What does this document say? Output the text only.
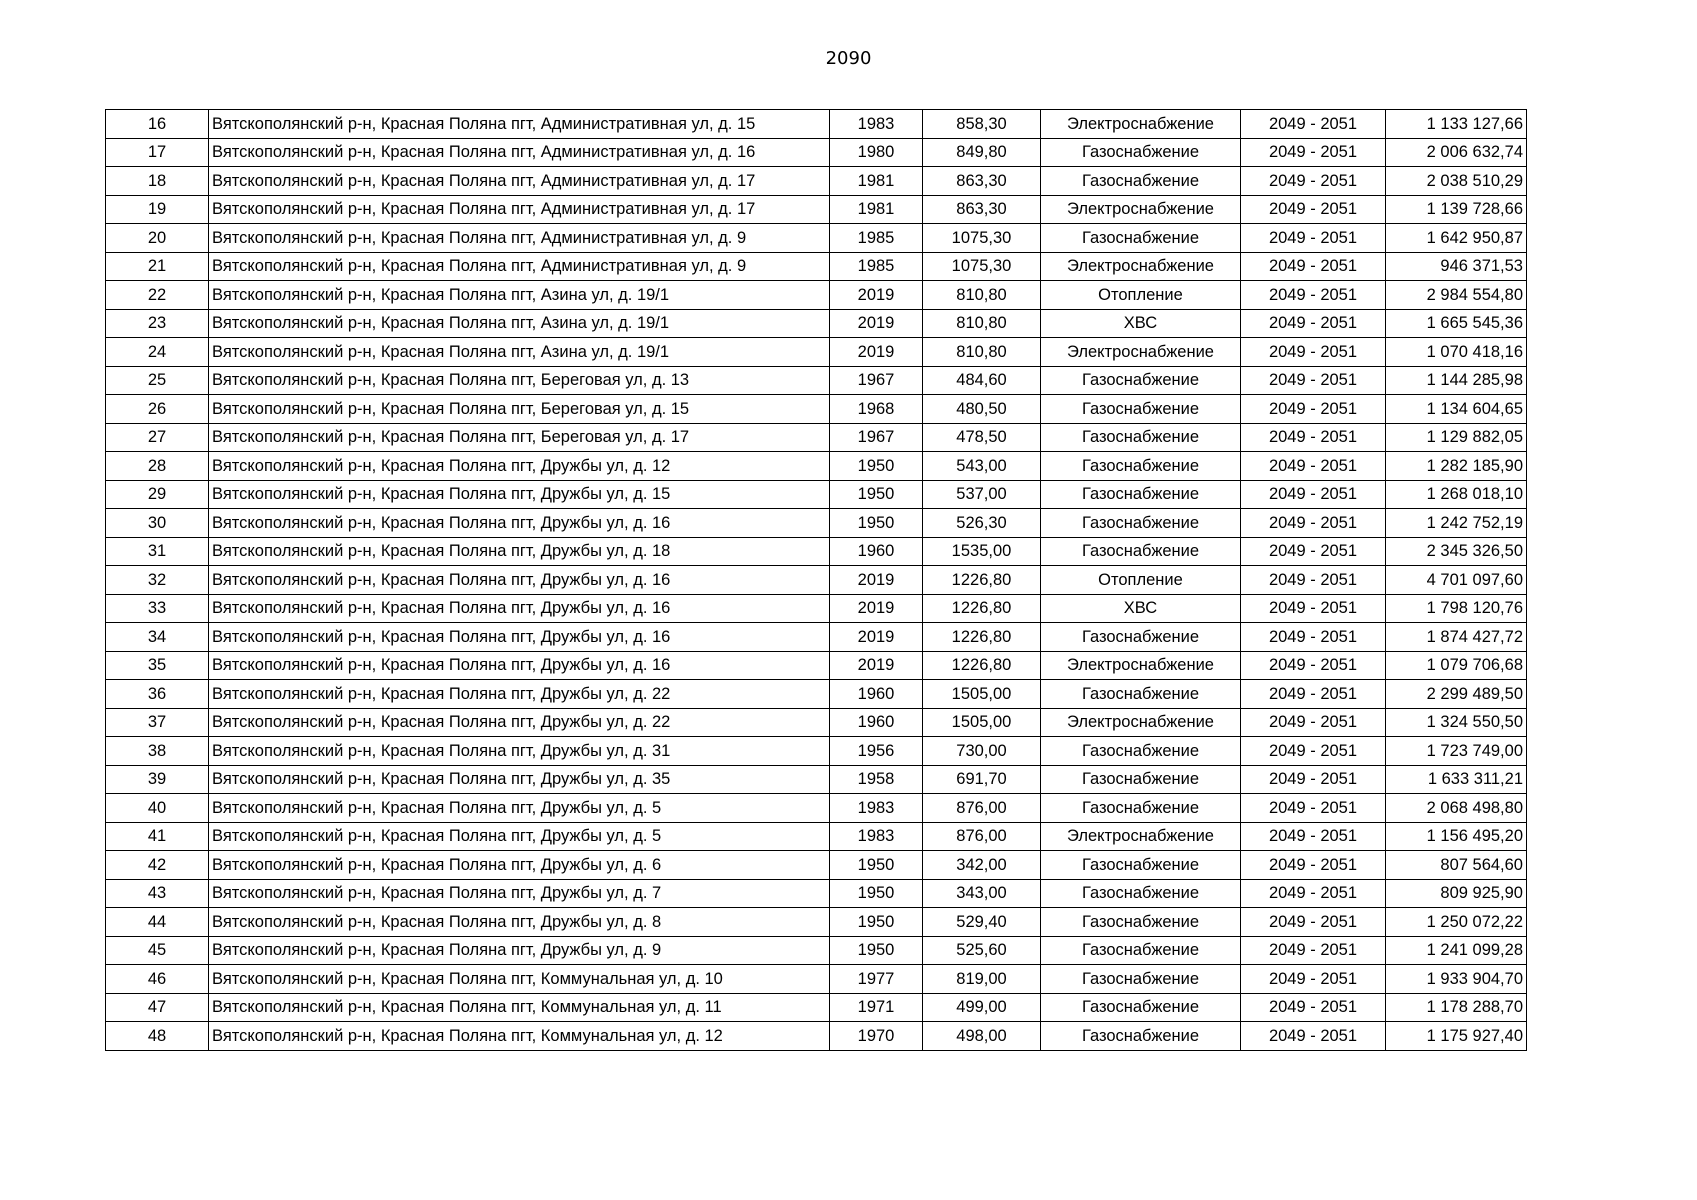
2090
16	Вятскополянский р-н, Красная Поляна пгт, Административная ул, д. 15	1983	858,30	Электроснабжение	2049 - 2051	1 133 127,66
17	Вятскополянский р-н, Красная Поляна пгт, Административная ул, д. 16	1980	849,80	Газоснабжение	2049 - 2051	2 006 632,74
18	Вятскополянский р-н, Красная Поляна пгт, Административная ул, д. 17	1981	863,30	Газоснабжение	2049 - 2051	2 038 510,29
19	Вятскополянский р-н, Красная Поляна пгт, Административная ул, д. 17	1981	863,30	Электроснабжение	2049 - 2051	1 139 728,66
20	Вятскополянский р-н, Красная Поляна пгт, Административная ул, д. 9	1985	1075,30	Газоснабжение	2049 - 2051	1 642 950,87
21	Вятскополянский р-н, Красная Поляна пгт, Административная ул, д. 9	1985	1075,30	Электроснабжение	2049 - 2051	946 371,53
22	Вятскополянский р-н, Красная Поляна пгт, Азина ул, д. 19/1	2019	810,80	Отопление	2049 - 2051	2 984 554,80
23	Вятскополянский р-н, Красная Поляна пгт, Азина ул, д. 19/1	2019	810,80	ХВС	2049 - 2051	1 665 545,36
24	Вятскополянский р-н, Красная Поляна пгт, Азина ул, д. 19/1	2019	810,80	Электроснабжение	2049 - 2051	1 070 418,16
25	Вятскополянский р-н, Красная Поляна пгт, Береговая ул, д. 13	1967	484,60	Газоснабжение	2049 - 2051	1 144 285,98
26	Вятскополянский р-н, Красная Поляна пгт, Береговая ул, д. 15	1968	480,50	Газоснабжение	2049 - 2051	1 134 604,65
27	Вятскополянский р-н, Красная Поляна пгт, Береговая ул, д. 17	1967	478,50	Газоснабжение	2049 - 2051	1 129 882,05
28	Вятскополянский р-н, Красная Поляна пгт, Дружбы ул, д. 12	1950	543,00	Газоснабжение	2049 - 2051	1 282 185,90
29	Вятскополянский р-н, Красная Поляна пгт, Дружбы ул, д. 15	1950	537,00	Газоснабжение	2049 - 2051	1 268 018,10
30	Вятскополянский р-н, Красная Поляна пгт, Дружбы ул, д. 16	1950	526,30	Газоснабжение	2049 - 2051	1 242 752,19
31	Вятскополянский р-н, Красная Поляна пгт, Дружбы ул, д. 18	1960	1535,00	Газоснабжение	2049 - 2051	2 345 326,50
32	Вятскополянский р-н, Красная Поляна пгт, Дружбы ул, д. 16	2019	1226,80	Отопление	2049 - 2051	4 701 097,60
33	Вятскополянский р-н, Красная Поляна пгт, Дружбы ул, д. 16	2019	1226,80	ХВС	2049 - 2051	1 798 120,76
34	Вятскополянский р-н, Красная Поляна пгт, Дружбы ул, д. 16	2019	1226,80	Газоснабжение	2049 - 2051	1 874 427,72
35	Вятскополянский р-н, Красная Поляна пгт, Дружбы ул, д. 16	2019	1226,80	Электроснабжение	2049 - 2051	1 079 706,68
36	Вятскополянский р-н, Красная Поляна пгт, Дружбы ул, д. 22	1960	1505,00	Газоснабжение	2049 - 2051	2 299 489,50
37	Вятскополянский р-н, Красная Поляна пгт, Дружбы ул, д. 22	1960	1505,00	Электроснабжение	2049 - 2051	1 324 550,50
38	Вятскополянский р-н, Красная Поляна пгт, Дружбы ул, д. 31	1956	730,00	Газоснабжение	2049 - 2051	1 723 749,00
39	Вятскополянский р-н, Красная Поляна пгт, Дружбы ул, д. 35	1958	691,70	Газоснабжение	2049 - 2051	1 633 311,21
40	Вятскополянский р-н, Красная Поляна пгт, Дружбы ул, д. 5	1983	876,00	Газоснабжение	2049 - 2051	2 068 498,80
41	Вятскополянский р-н, Красная Поляна пгт, Дружбы ул, д. 5	1983	876,00	Электроснабжение	2049 - 2051	1 156 495,20
42	Вятскополянский р-н, Красная Поляна пгт, Дружбы ул, д. 6	1950	342,00	Газоснабжение	2049 - 2051	807 564,60
43	Вятскополянский р-н, Красная Поляна пгт, Дружбы ул, д. 7	1950	343,00	Газоснабжение	2049 - 2051	809 925,90
44	Вятскополянский р-н, Красная Поляна пгт, Дружбы ул, д. 8	1950	529,40	Газоснабжение	2049 - 2051	1 250 072,22
45	Вятскополянский р-н, Красная Поляна пгт, Дружбы ул, д. 9	1950	525,60	Газоснабжение	2049 - 2051	1 241 099,28
46	Вятскополянский р-н, Красная Поляна пгт, Коммунальная ул, д. 10	1977	819,00	Газоснабжение	2049 - 2051	1 933 904,70
47	Вятскополянский р-н, Красная Поляна пгт, Коммунальная ул, д. 11	1971	499,00	Газоснабжение	2049 - 2051	1 178 288,70
48	Вятскополянский р-н, Красная Поляна пгт, Коммунальная ул, д. 12	1970	498,00	Газоснабжение	2049 - 2051	1 175 927,40
